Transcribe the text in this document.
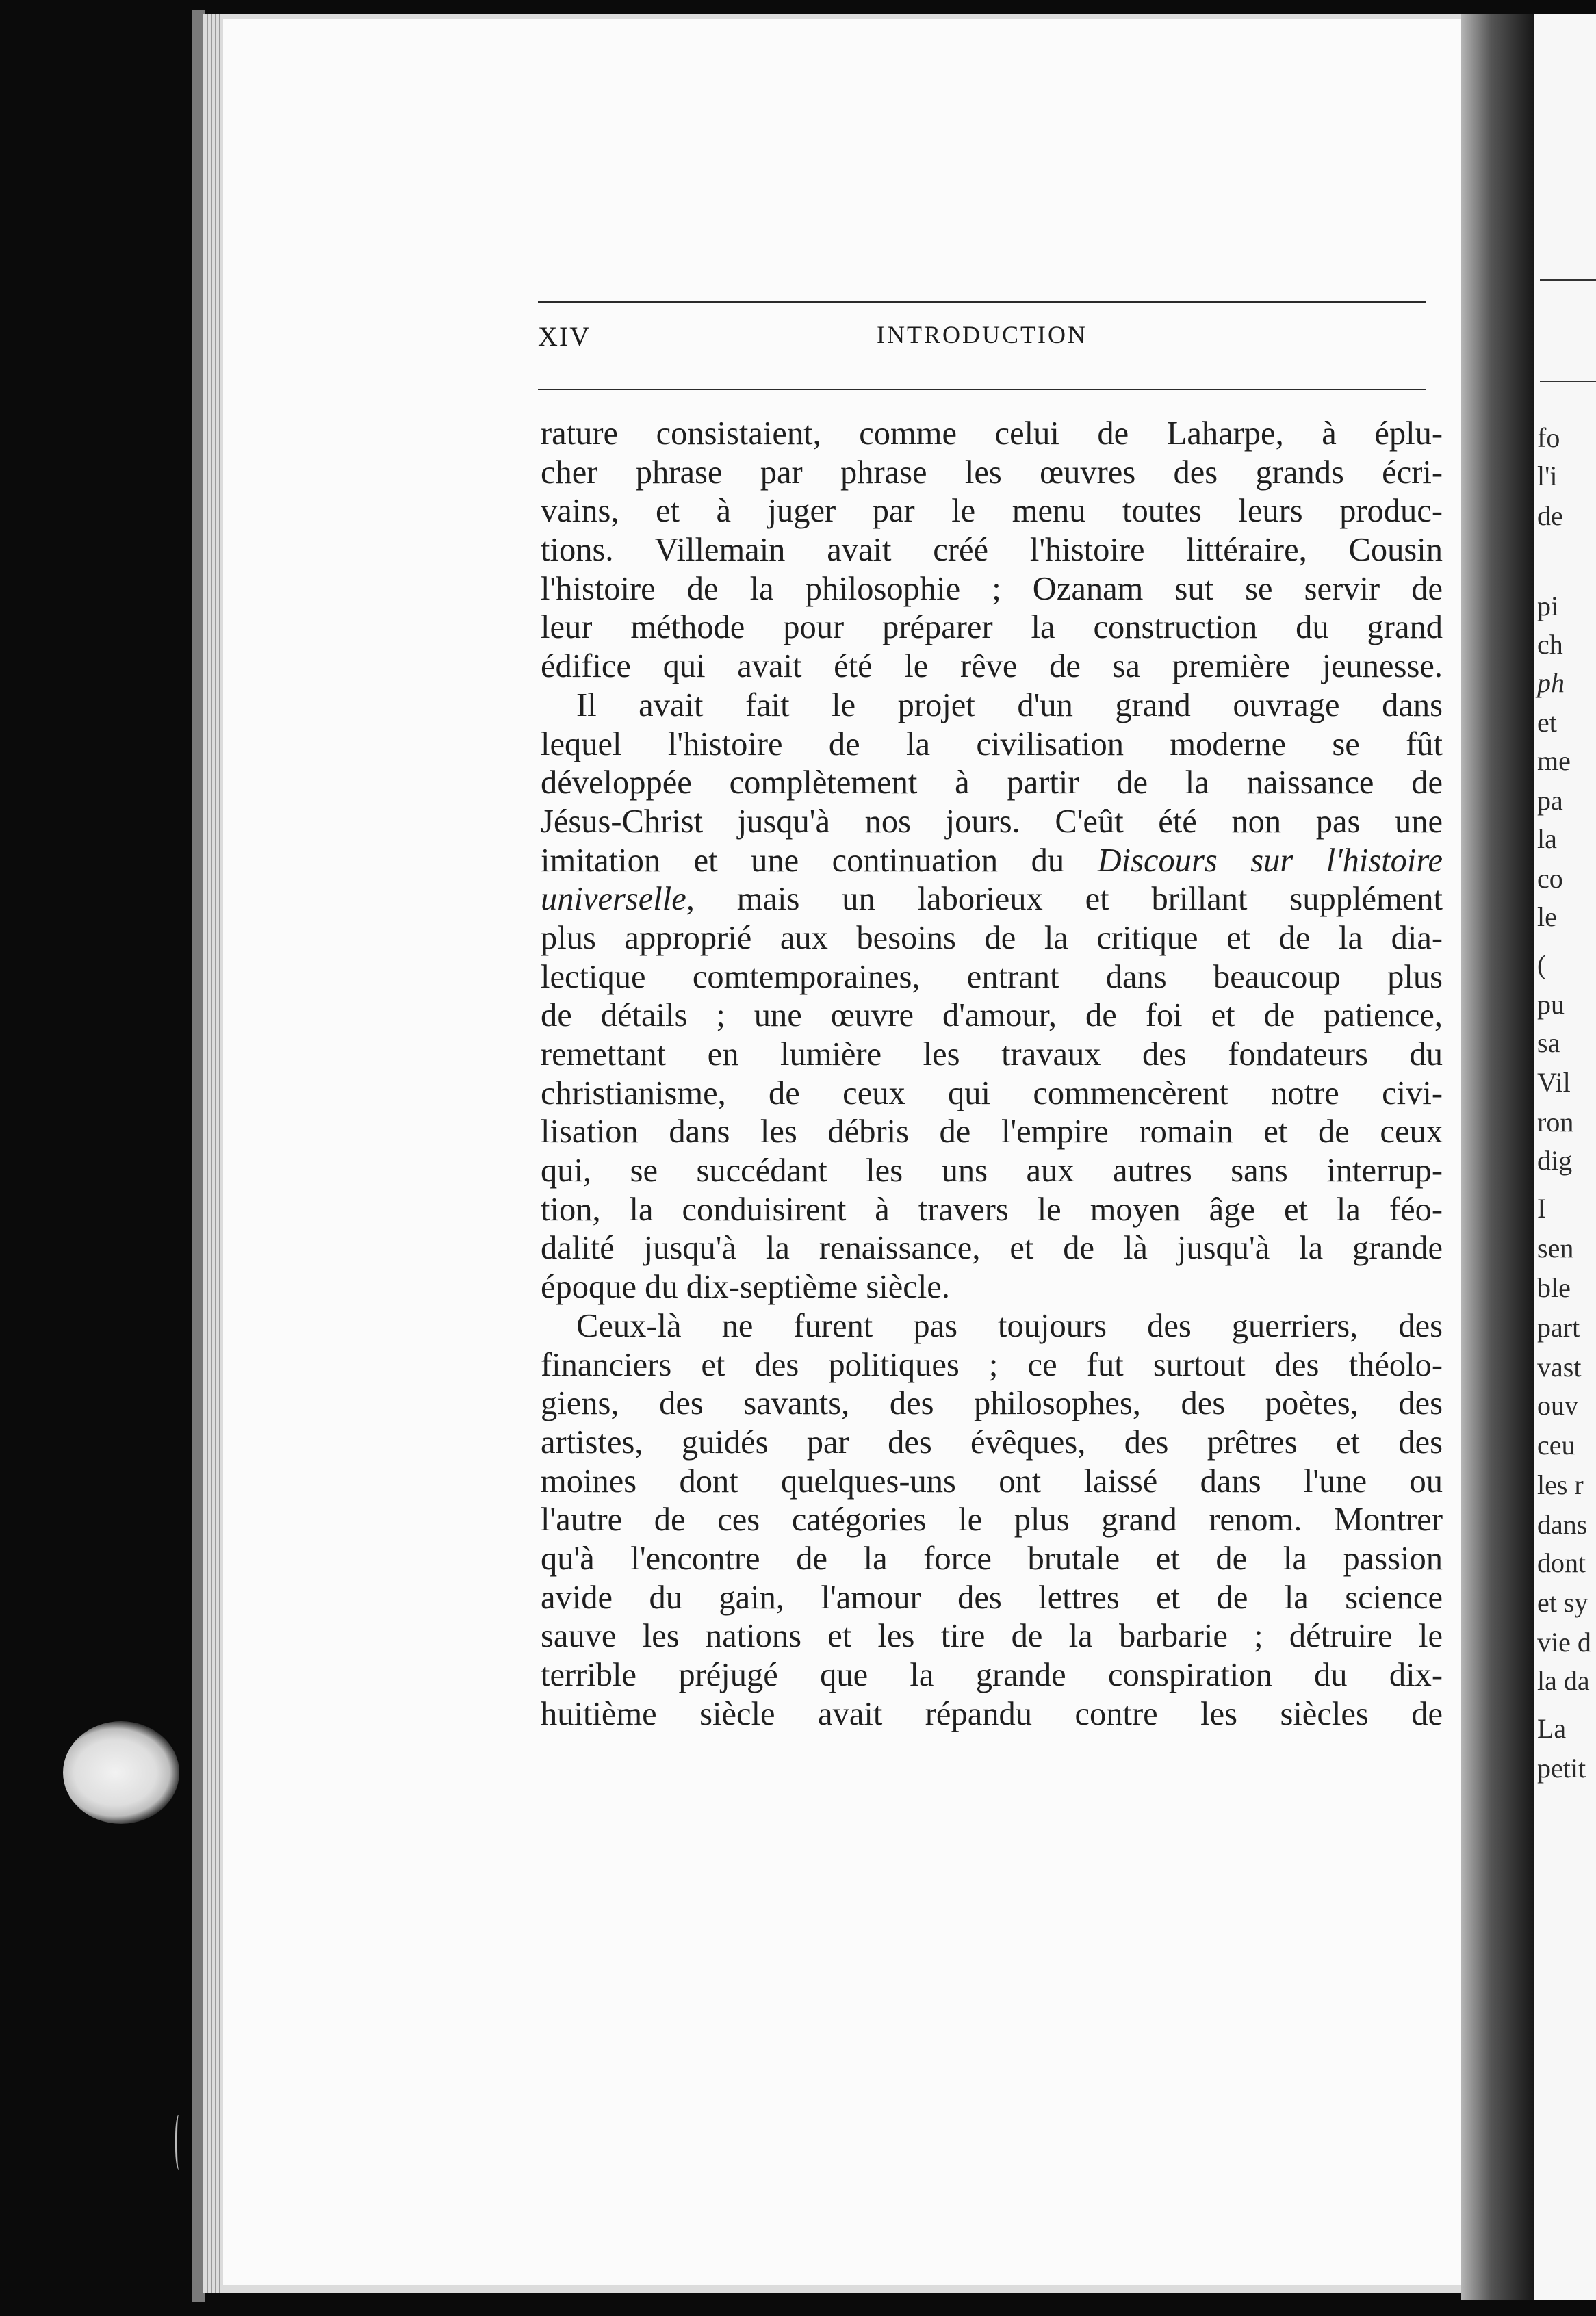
XIV	INTRODUCTION
rature consistaient, comme celui de Laharpe, à éplu-
cher phrase par phrase les œuvres des grands écri-
vains, et à juger par le menu toutes leurs produc-
tions. Villemain avait créé l'histoire littéraire, Cousin
l'histoire de la philosophie ; Ozanam sut se servir de
leur méthode pour préparer la construction du grand
édifice qui avait été le rêve de sa première jeunesse.
Il avait fait le projet d'un grand ouvrage dans
lequel l'histoire de la civilisation moderne se fût
développée complètement à partir de la naissance de
Jésus-Christ jusqu'à nos jours. C'eût été non pas une
imitation et une continuation du Discours sur l'histoire
universelle, mais un laborieux et brillant supplément
plus approprié aux besoins de la critique et de la dia-
lectique comtemporaines, entrant dans beaucoup plus
de détails ; une œuvre d'amour, de foi et de patience,
remettant en lumière les travaux des fondateurs du
christianisme, de ceux qui commencèrent notre civi-
lisation dans les débris de l'empire romain et de ceux
qui, se succédant les uns aux autres sans interrup-
tion, la conduisirent à travers le moyen âge et la féo-
dalité jusqu'à la renaissance, et de là jusqu'à la grande
époque du dix-septième siècle.
Ceux-là ne furent pas toujours des guerriers, des
financiers et des politiques ; ce fut surtout des théolo-
giens, des savants, des philosophes, des poètes, des
artistes, guidés par des évêques, des prêtres et des
moines dont quelques-uns ont laissé dans l'une ou
l'autre de ces catégories le plus grand renom. Montrer
qu'à l'encontre de la force brutale et de la passion
avide du gain, l'amour des lettres et de la science
sauve les nations et les tire de la barbarie ; détruire le
terrible préjugé que la grande conspiration du dix-
huitième siècle avait répandu contre les siècles de
fo
l'i
de
pi
ch
ph
et
me
pa
la
co
le
(
pu
sa
Vil
ron
dig
I
sen
ble
part
vast
ouv
ceu
les r
dans
dont
et sy
vie d
la da
La
petit
